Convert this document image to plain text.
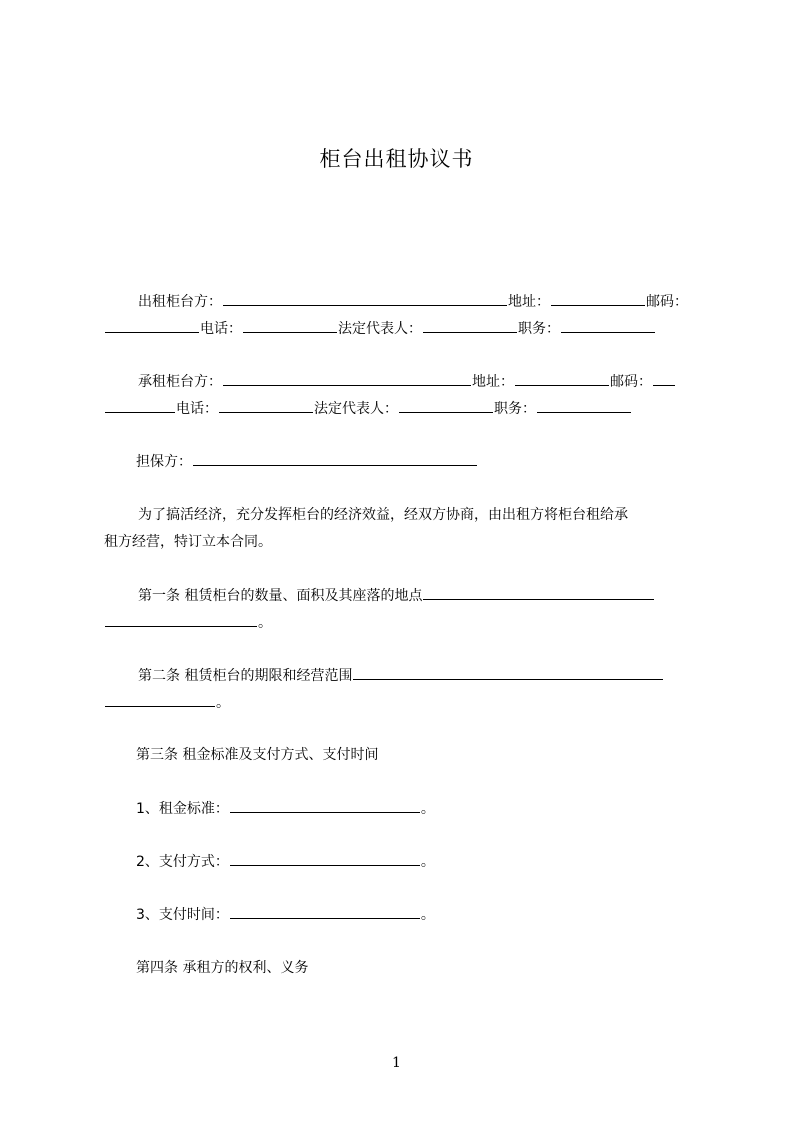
柜台出租协议书
出租柜台方：	地址：	邮码：
电话：	法定代表人：	职务：
承租柜台方：	地址：	邮码：
电话：	法定代表人：	职务：
担保方：
为了搞活经济，充分发挥柜台的经济效益，经双方协商，由出租方将柜台租给承
租方经营，特订立本合同。
第一条 租赁柜台的数量、面积及其座落的地点
。
第二条 租赁柜台的期限和经营范围
。
第三条 租金标准及支付方式、支付时间
1、租金标准：	。
2、支付方式：	。
3、支付时间：	。
第四条 承租方的权利、义务
1
